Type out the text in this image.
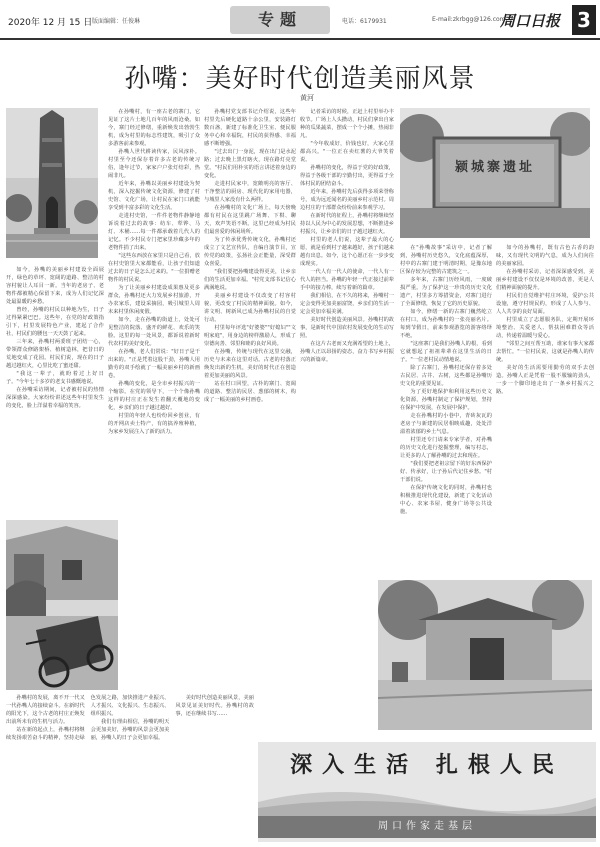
2020年 12 月 15 日 版面编辑：任俊琳	专题	电话：6179931	E-mail:zkrbgg@126.com
周口日报 3
孙嘴：美好时代创造美丽风景
黄河
颍城寨遗址

如今，孙嘴的美丽乡村建设全面展开，绿色的草坪、宽阔的道路、整洁的村容村貌让人耳目一新。当年的老房子、老物件都被精心保留下来，成为人们记忆深处最温暖的乡愁。

曾经，孙嘴的村民以种地为生，日子过得紧紧巴巴。这些年，在党的好政策指引下，村里发展特色产业，建起了合作社，村民们的腰包一天天鼓了起来。

三年来，孙嘴村两委班子团结一心，带领群众修路架桥、植树造林，把昔日的荒地变成了花园。村民们说，现在的日子越过越红火，心里比吃了蜜还甜。

"我这一辈子，就盼着过上好日子。"今年七十多岁的老支书感慨地说。

在孙嘴采访期间，记者被村民的热情深深感染。大家纷纷讲述这些年村里发生的变化，脸上洋溢着幸福的笑容。

在孙嘴村，有一座古老的寨门，它见证了这片土地几百年的风雨沧桑。如今，寨门经过修缮，重新焕发出勃勃生机，成为村里的标志性建筑，吸引了众多游客前来参观。

孙嘴人世代耕读传家，民风淳朴。村里至今还保存着许多古老的传统习俗，逢年过节，家家户户张灯结彩，热闹非凡。

近年来，孙嘴以美丽乡村建设为契机，深入挖掘传统文化资源，修建了村史馆、文化广场，让村民在家门口就能享受到丰富多彩的文化生活。

走进村史馆，一件件老物件静静地诉说着过去的故事：纺车、犁铧、马灯、木桶……每一件都承载着几代人的记忆。不少村民专门把家里珍藏多年的老物件捐了出来。

"这些东西放在家里只是自己看，放在村史馆里大家都能看，让孩子们知道过去的日子是怎么过来的。"一位捐赠老物件的村民说。

为了让美丽乡村建设成果惠及更多群众，孙嘴村还大力发展乡村旅游，开办农家乐，建设采摘园，吸引城里人周末来村里休闲度假。

如今，走在孙嘴的街道上，处处可见整洁的院落、盛开的鲜花、欢乐的笑脸。这里的每一处风景，都诉说着新时代农村的美好变化。

在孙嘴，老人们常说："好日子是干出来的。"正是凭着这股干劲，孙嘴人用勤劳的双手绘就了一幅美丽乡村的新画卷。

孙嘴的变化，是全市乡村振兴的一个缩影。在党的领导下，一个个像孙嘴这样的村庄正在发生着翻天覆地的变化，乡亲们的日子越过越好。

村里的年轻人也纷纷回乡创业，有的开网店卖土特产，有的搞养殖种植，为家乡发展注入了新的活力。

孙嘴村党支部书记介绍说，这些年村里先后硬化道路十余公里，安装路灯数百盏，新建了标准化卫生室、便民服务中心和幸福院，村民的获得感、幸福感不断增强。

"过去出门一身泥，现在出门是水泥路；过去晚上黑灯瞎火，现在路灯亮堂堂。"村民们用朴实的语言讲述着身边的变化。

走进村民家中，宽敞明亮的客厅、干净整洁的厨房、现代化的家用电器，与城里人家没有什么两样。

在孙嘴村的文化广场上，每天傍晚都有村民在这里跳广场舞、下棋、聊天，欢声笑语不断。这里已经成为村民们最喜爱的休闲场所。

为了传承优秀传统文化，孙嘴村还成立了文艺宣传队，自编自演节目，宣传党的政策，弘扬社会正能量，深受群众喜爱。

"我们要把孙嘴建设得更美，让乡亲们的生活更加幸福。"村党支部书记信心满满地说。

美丽乡村建设不仅改变了村容村貌，更改变了村民的精神面貌。如今，讲文明、树新风已成为孙嘴村民的自觉行动。

村里每年评选"好婆婆""好媳妇""文明家庭"，用身边的榜样激励人，形成了崇德向善、邻里和睦的良好风尚。

在孙嘴，传统与现代在这里交融，历史与未来在这里对话。古老的村落正焕发出新的生机，美好的时代正在创造着更加美丽的风景。

站在村口回望，古朴的寨门、宽阔的道路、整洁的民居、葱郁的树木，构成了一幅美丽的乡村画卷。

记者采访的时候，正赶上村里举办丰收节。广场上人头攒动，村民们拿出自家种的瓜果蔬菜，摆成一个个小摊，热闹非凡。

"今年收成好，价钱也好，大家心里都高兴。"一位正在卖红薯的大爷笑着说。

孙嘴村的变化，得益于党的好政策，得益于各级干部的辛勤付出，更得益于全体村民的团结奋斗。

近年来，孙嘴村先后获得多项荣誉称号，成为远近闻名的美丽乡村示范村。周边村庄的干部群众纷纷前来参观学习。

在新时代的征程上，孙嘴村将继续坚持以人民为中心的发展思想，不断推进乡村振兴，让乡亲们的日子越过越红火。

村里的老人们说，这辈子最大的心愿，就是看到村子越来越好，孩子们越来越有出息。如今，这个心愿正在一步步变成现实。

一代人有一代人的使命，一代人有一代人的担当。孙嘴的年轻一代正接过前辈手中的接力棒，续写着新的篇章。

我们相信，在不久的将来，孙嘴村一定会变得更加美丽富饶，乡亲们的生活一定会更加幸福美满。

美好时代创造美丽风景。孙嘴村的故事，是新时代中国农村发展变化的生动写照。

在这片古老而又充满希望的土地上，孙嘴人正以昂扬的姿态，奋力书写乡村振兴的新篇章。

在"孙嘴故事"采访中，记者了解到，孙嘴村历史悠久，文化底蕴深厚，村中的古寨门建于明清时期，是豫东地区保存较为完整的古建筑之一。

多年来，古寨门历经风雨，一度破损严重。为了保护这一珍贵的历史文化遗产，村里多方筹措资金，对寨门进行了全面修缮，恢复了它的历史原貌。

如今，修缮一新的古寨门巍然屹立在村口，成为孙嘴村的一张亮丽名片。每到节假日，前来参观游览的游客络绎不绝。

"这座寨门是我们孙嘴人的根，看到它就想起了祖祖辈辈在这里生活的日子。"一位老村民动情地说。

除了古寨门，孙嘴村还保存着多处古民居、古井、古树，这些都是孙嘴历史文化的重要见证。

为了更好地保护和利用这些历史文化资源，孙嘴村制定了保护规划，坚持在保护中发展，在发展中保护。

走在孙嘴村的小巷中，青砖灰瓦的老房子与新建的民居相映成趣，处处洋溢着浓郁的乡土气息。

村里还专门请来专家学者，对孙嘴的历史文化进行挖掘整理，编写村志，让更多的人了解孙嘴的过去和现在。

"我们要把老祖宗留下的好东西保护好、传承好，让子孙后代记住乡愁。"村干部们说。

在保护传统文化的同时，孙嘴村也积极推进现代化建设，新建了文化活动中心、农家书屋、健身广场等公共设施。

如今的孙嘴村，既有古色古香的韵味，又有现代文明的气息，成为人们向往的美丽家园。

在孙嘴村采访，记者深深感受到，美丽乡村建设不仅仅是环境的改善，更是人们精神面貌的提升。

村民们自觉维护村庄环境，爱护公共设施，遵守村规民约，形成了人人参与、人人共享的良好局面。

村里成立了志愿服务队，定期开展环境整治、关爱老人、帮扶困难群众等活动，传递着温暖与爱心。

"邻里之间互帮互助，谁家有事大家都去帮忙。"一位村民说，这就是孙嘴人的传统。

美好的生活需要用勤劳的双手去创造。孙嘴人正是凭着一股不服输的劲头，一步一个脚印地走出了一条乡村振兴之路。

孙嘴村的发展，离不开一代又一代孙嘴人的接续奋斗。在新时代的阳光下，这个古老的村庄正焕发出前所未有的生机与活力。

站在新的起点上，孙嘴村将继续发扬艰苦奋斗的精神，坚持走绿色发展之路，加快推进产业振兴、人才振兴、文化振兴、生态振兴、组织振兴。

我们有理由相信，孙嘴的明天会更加美好，孙嘴的风景会更加美丽，孙嘴人的日子会更加幸福。

美好时代创造美丽风景，美丽风景见证美好时代。孙嘴村的故事，还在继续书写……

深入生活 扎根人民
周口作家走基层
